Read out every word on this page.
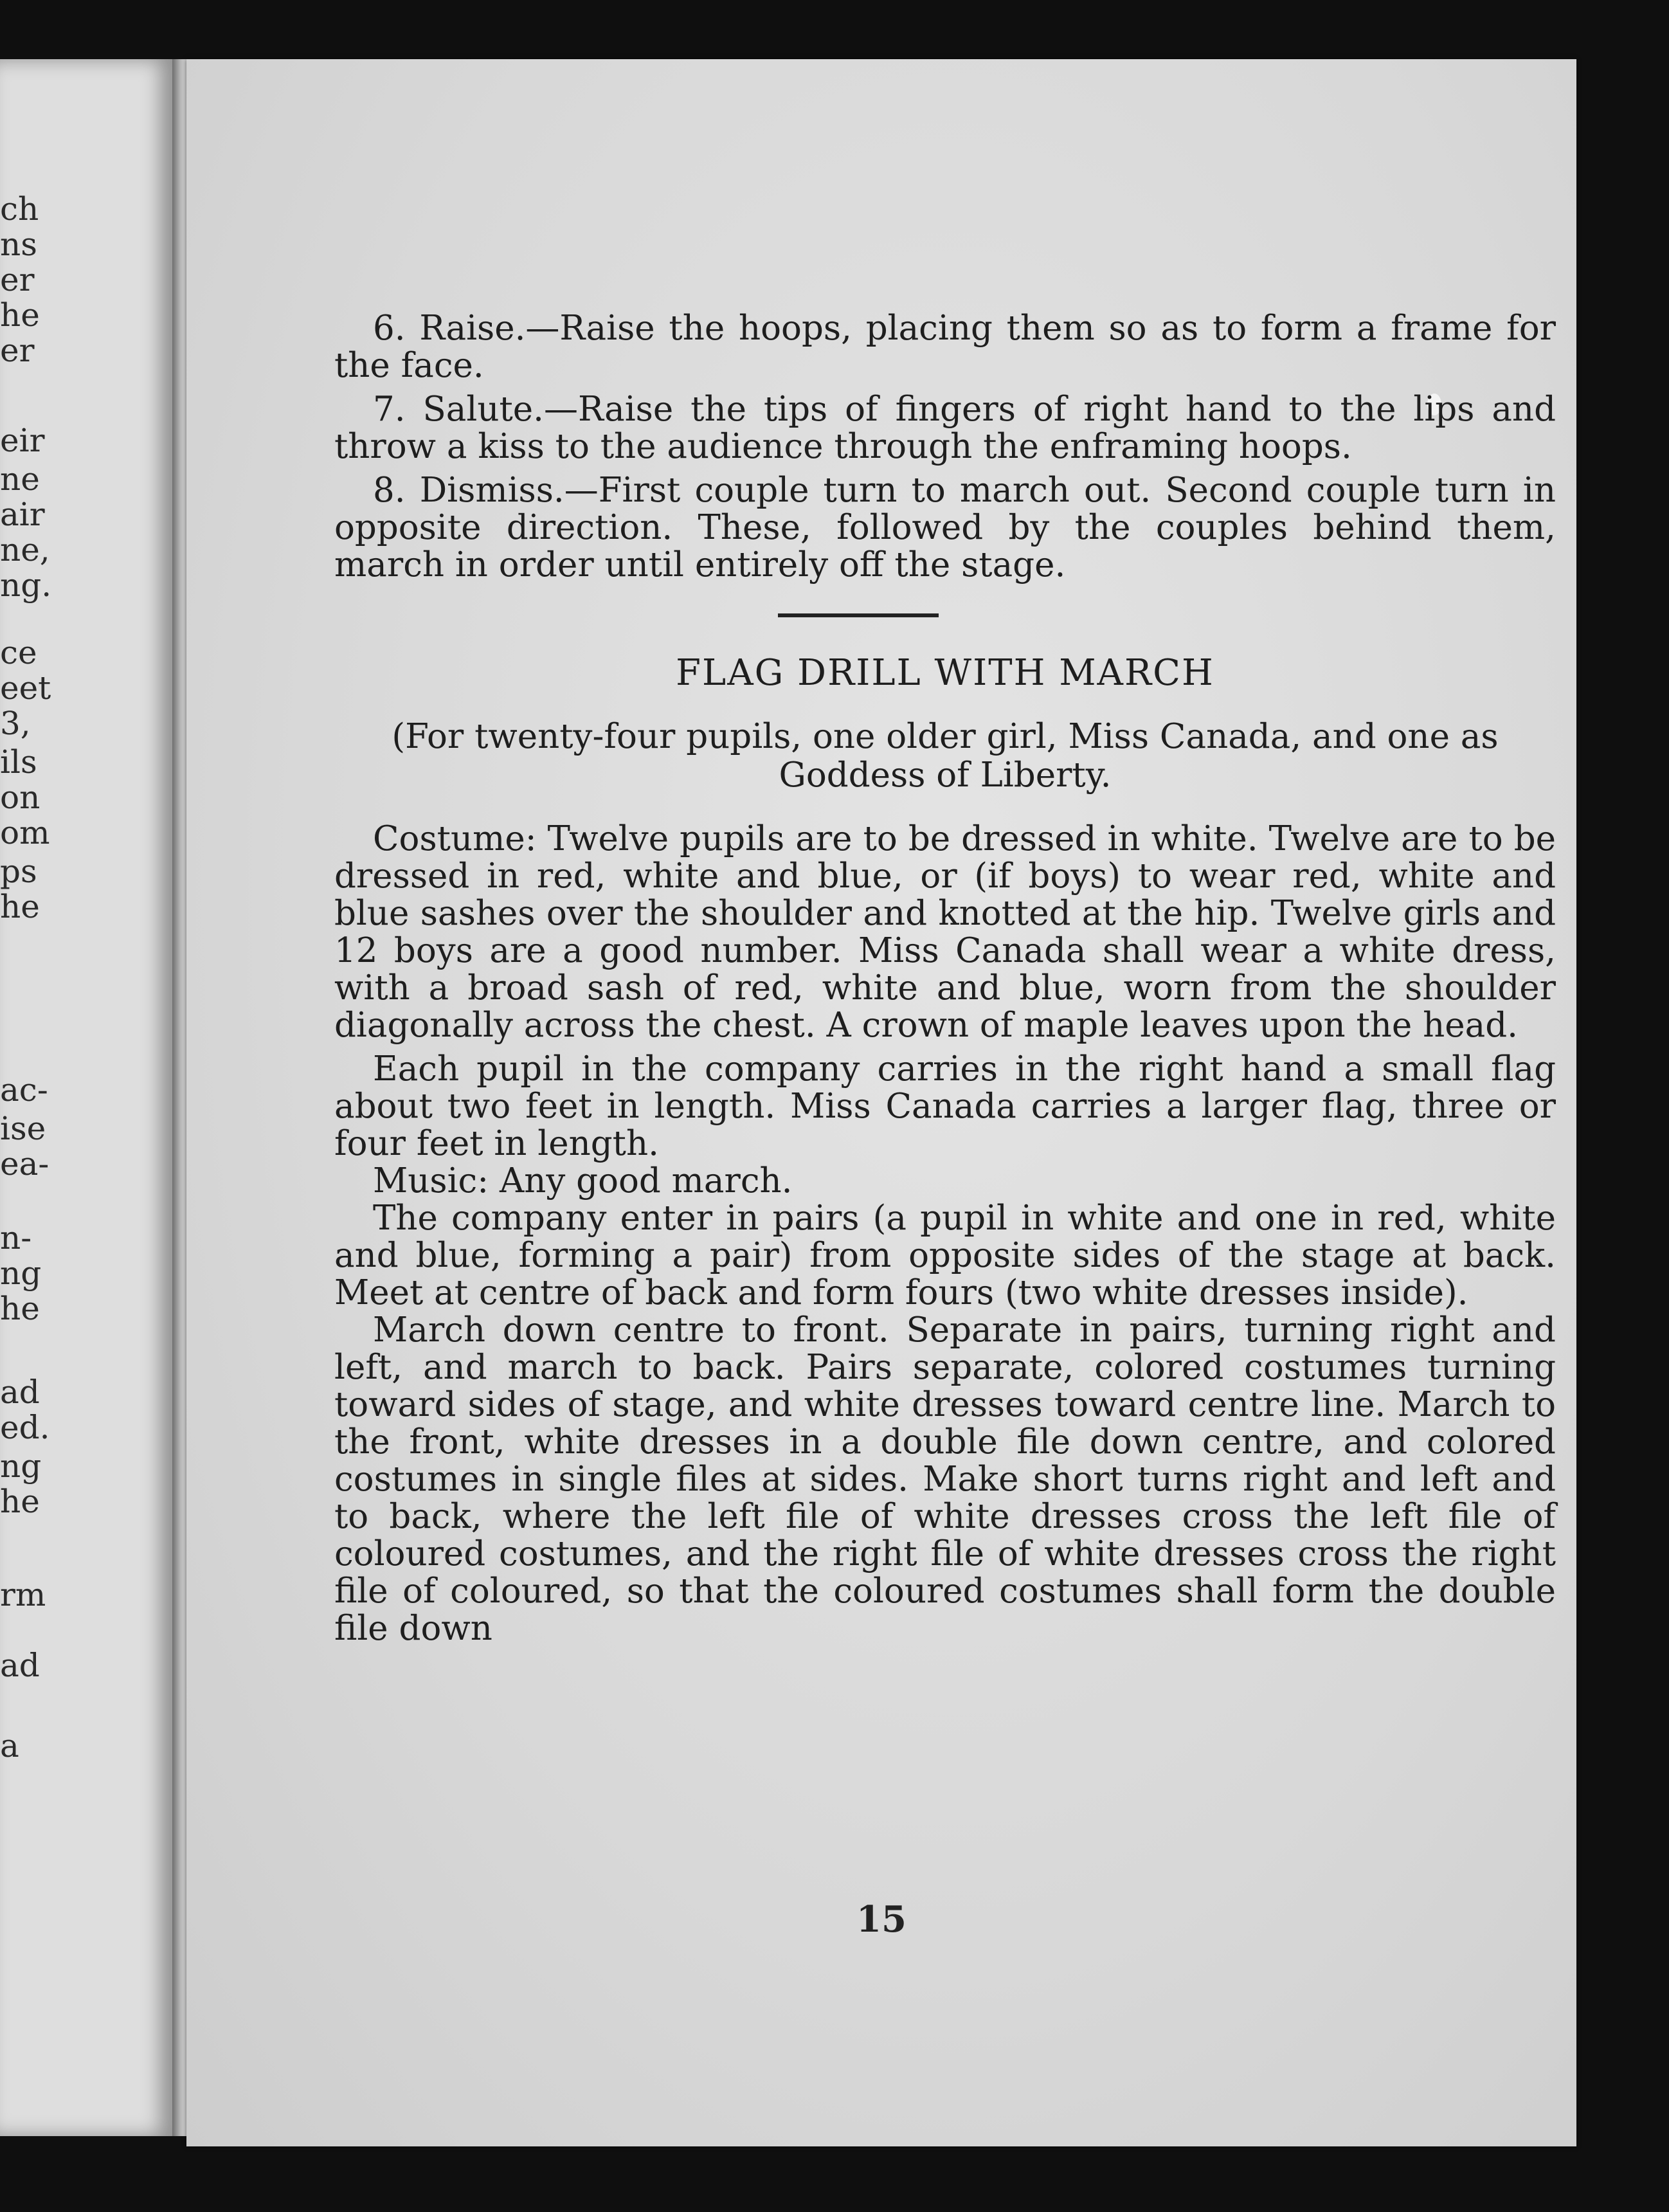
ch
ns
er
he
er
eir
ne
air
ne,
ng.
ce
eet
3,
ils
on
om
ps
he
ac-
ise
ea-
n-
ng
he
ad
ed.
ng
he
rm
ad
a

6. Raise.—Raise the hoops, placing them so as to form a frame for the face.

7. Salute.—Raise the tips of fingers of right hand to the lips and throw a kiss to the audience through the enframing hoops.

8. Dismiss.—First couple turn to march out. Second couple turn in opposite direction. These, followed by the couples behind them, march in order until entirely off the stage.

FLAG DRILL WITH MARCH
(For twenty-four pupils, one older girl, Miss Canada, and one as Goddess of Liberty.

Costume: Twelve pupils are to be dressed in white. Twelve are to be dressed in red, white and blue, or (if boys) to wear red, white and blue sashes over the shoulder and knotted at the hip. Twelve girls and 12 boys are a good number. Miss Canada shall wear a white dress, with a broad sash of red, white and blue, worn from the shoulder diagonally across the chest. A crown of maple leaves upon the head.

Each pupil in the company carries in the right hand a small flag about two feet in length. Miss Canada carries a larger flag, three or four feet in length.

Music: Any good march.

The company enter in pairs (a pupil in white and one in red, white and blue, forming a pair) from opposite sides of the stage at back. Meet at centre of back and form fours (two white dresses inside).

March down centre to front. Separate in pairs, turning right and left, and march to back. Pairs separate, colored costumes turning toward sides of stage, and white dresses toward centre line. March to the front, white dresses in a double file down centre, and colored costumes in single files at sides. Make short turns right and left and to back, where the left file of white dresses cross the left file of coloured costumes, and the right file of white dresses cross the right file of coloured, so that the coloured costumes shall form the double file down

15
